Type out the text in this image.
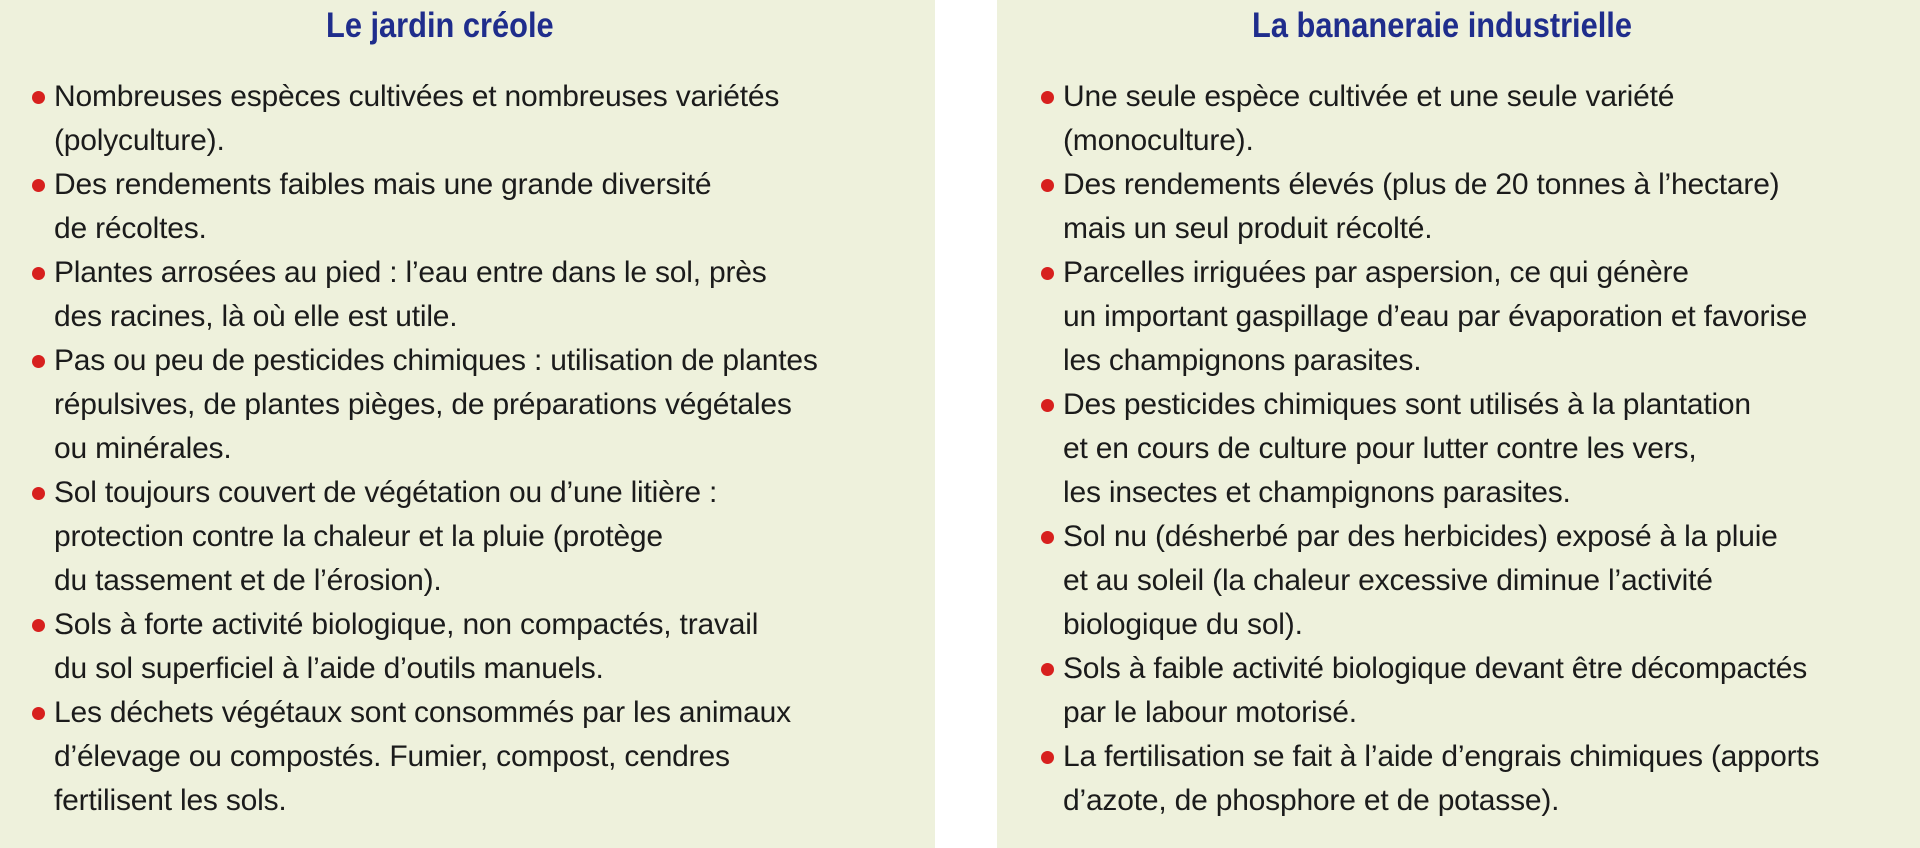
Le jardin créole
Nombreuses espèces cultivées et nombreuses variétés
(polyculture).
Des rendements faibles mais une grande diversité
de récoltes.
Plantes arrosées au pied : l’eau entre dans le sol, près
des racines, là où elle est utile.
Pas ou peu de pesticides chimiques : utilisation de plantes
répulsives, de plantes pièges, de préparations végétales
ou minérales.
Sol toujours couvert de végétation ou d’une litière :
protection contre la chaleur et la pluie (protège
du tassement et de l’érosion).
Sols à forte activité biologique, non compactés, travail
du sol superficiel à l’aide d’outils manuels.
Les déchets végétaux sont consommés par les animaux
d’élevage ou compostés. Fumier, compost, cendres
fertilisent les sols.
La bananeraie industrielle
Une seule espèce cultivée et une seule variété
(monoculture).
Des rendements élevés (plus de 20 tonnes à l’hectare)
mais un seul produit récolté.
Parcelles irriguées par aspersion, ce qui génère
un important gaspillage d’eau par évaporation et favorise
les champignons parasites.
Des pesticides chimiques sont utilisés à la plantation
et en cours de culture pour lutter contre les vers,
les insectes et champignons parasites.
Sol nu (désherbé par des herbicides) exposé à la pluie
et au soleil (la chaleur excessive diminue l’activité
biologique du sol).
Sols à faible activité biologique devant être décompactés
par le labour motorisé.
La fertilisation se fait à l’aide d’engrais chimiques (apports
d’azote, de phosphore et de potasse).
